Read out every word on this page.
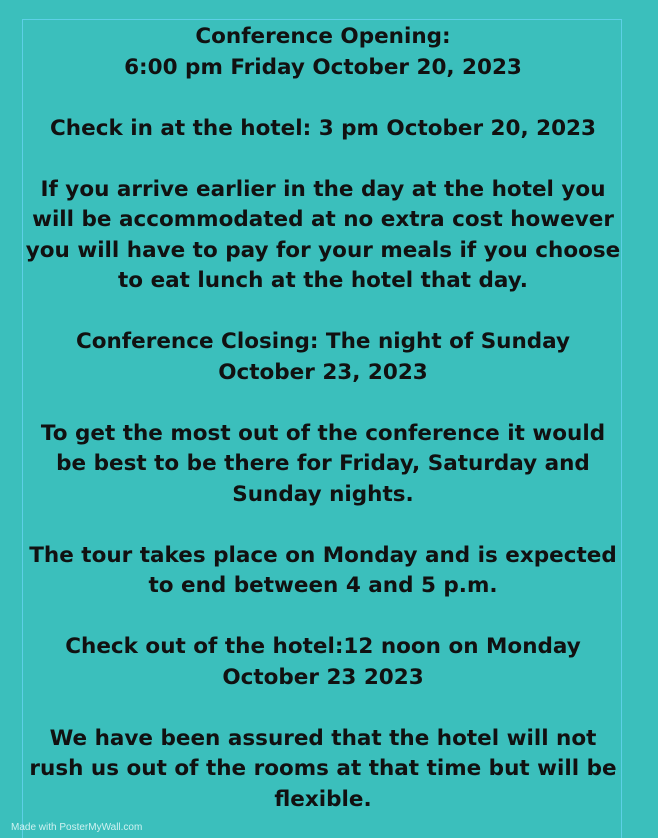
Conference Opening:
6:00 pm Friday October 20, 2023

Check in at the hotel: 3 pm October 20, 2023

If you arrive earlier in the day at the hotel you
will be accommodated at no extra cost however
you will have to pay for your meals if you choose
to eat lunch at the hotel that day.

Conference Closing: The night of Sunday
October 23, 2023

To get the most out of the conference it would
be best to be there for Friday, Saturday and
Sunday nights.

The tour takes place on Monday and is expected
to end between 4 and 5 p.m.

Check out of the hotel:12 noon on Monday
October 23 2023

We have been assured that the hotel will not
rush us out of the rooms at that time but will be
flexible.

Made with PosterMyWall.com
